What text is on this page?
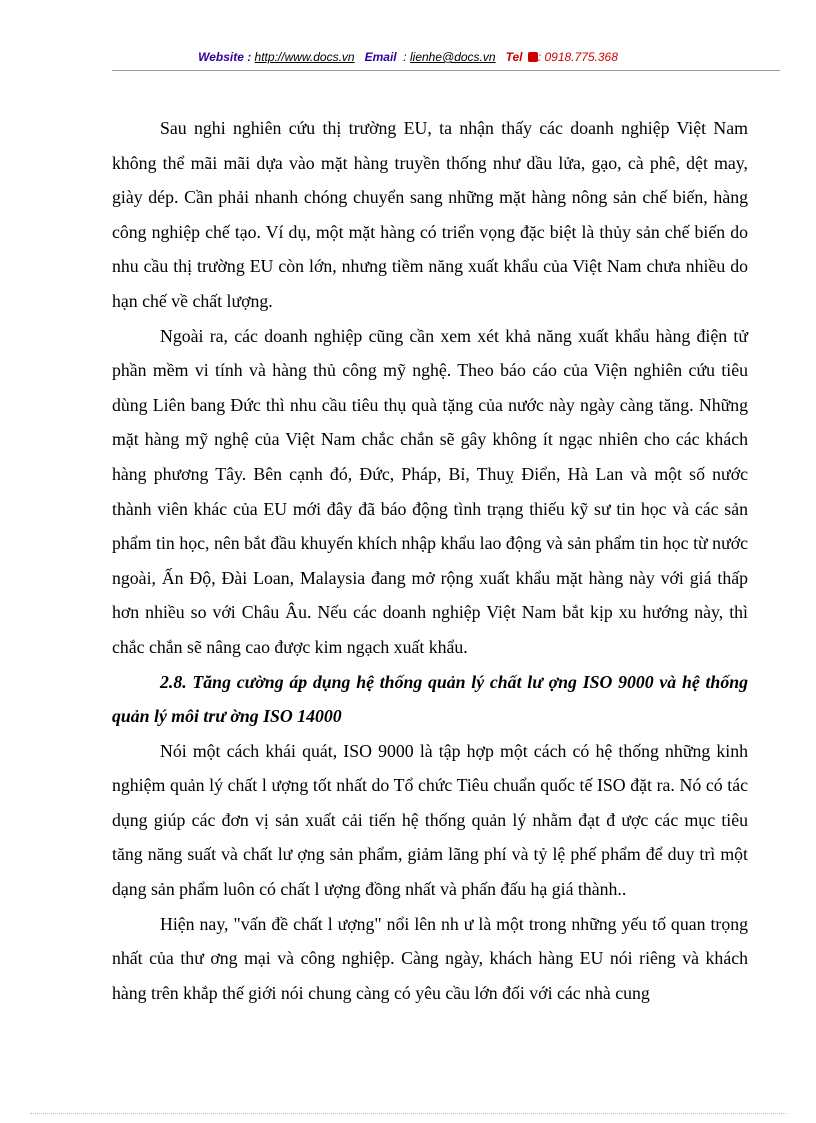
Website : http://www.docs.vn Email : lienhe@docs.vn Tel : 0918.775.368

Sau nghi nghiên cứu thị trường EU, ta nhận thấy các doanh nghiệp Việt Nam không thể mãi mãi dựa vào mặt hàng truyền thống như dầu lửa, gạo, cà phê, dệt may, giày dép. Cần phải nhanh chóng chuyển sang những mặt hàng nông sản chế biến, hàng công nghiệp chế tạo. Ví dụ, một mặt hàng có triển vọng đặc biệt là thủy sản chế biến do nhu cầu thị trường EU còn lớn, nhưng tiềm năng xuất khẩu của Việt Nam chưa nhiều do hạn chế về chất lượng.

Ngoài ra, các doanh nghiệp cũng cần xem xét khả năng xuất khẩu hàng điện tử phần mềm vi tính và hàng thủ công mỹ nghệ. Theo báo cáo của Viện nghiên cứu tiêu dùng Liên bang Đức thì nhu cầu tiêu thụ quà tặng của nước này ngày càng tăng. Những mặt hàng mỹ nghệ của Việt Nam chắc chắn sẽ gây không ít ngạc nhiên cho các khách hàng phương Tây. Bên cạnh đó, Đức, Pháp, Bỉ, Thuỵ Điển, Hà Lan và một số nước thành viên khác của EU mới đây đã báo động tình trạng thiếu kỹ sư tin học và các sản phẩm tin học, nên bắt đầu khuyến khích nhập khẩu lao động và sản phẩm tin học từ nước ngoài, Ấn Độ, Đài Loan, Malaysia đang mở rộng xuất khẩu mặt hàng này với giá thấp hơn nhiều so với Châu Âu. Nếu các doanh nghiệp Việt Nam bắt kịp xu hướng này, thì chắc chắn sẽ nâng cao được kim ngạch xuất khẩu.

2.8. Tăng cường áp dụng hệ thống quản lý chất lư ợng ISO 9000 và hệ thống quản lý môi trư ờng ISO 14000

Nói một cách khái quát, ISO 9000 là tập hợp một cách có hệ thống những kinh nghiệm quản lý chất l ượng tốt nhất do Tổ chức Tiêu chuẩn quốc tế ISO đặt ra. Nó có tác dụng giúp các đơn vị sản xuất cải tiến hệ thống quản lý nhằm đạt đ ược các mục tiêu tăng năng suất và chất lư ợng sản phẩm, giảm lãng phí và tỷ lệ phế phẩm để duy trì một dạng sản phẩm luôn có chất l ượng đồng nhất và phấn đấu hạ giá thành..

Hiện nay, "vấn đề chất l ượng" nổi lên nh ư là một trong những yếu tố quan trọng nhất của thư ơng mại và công nghiệp. Càng ngày, khách hàng EU nói riêng và khách hàng trên khắp thế giới nói chung càng có yêu cầu lớn đối với các nhà cung
